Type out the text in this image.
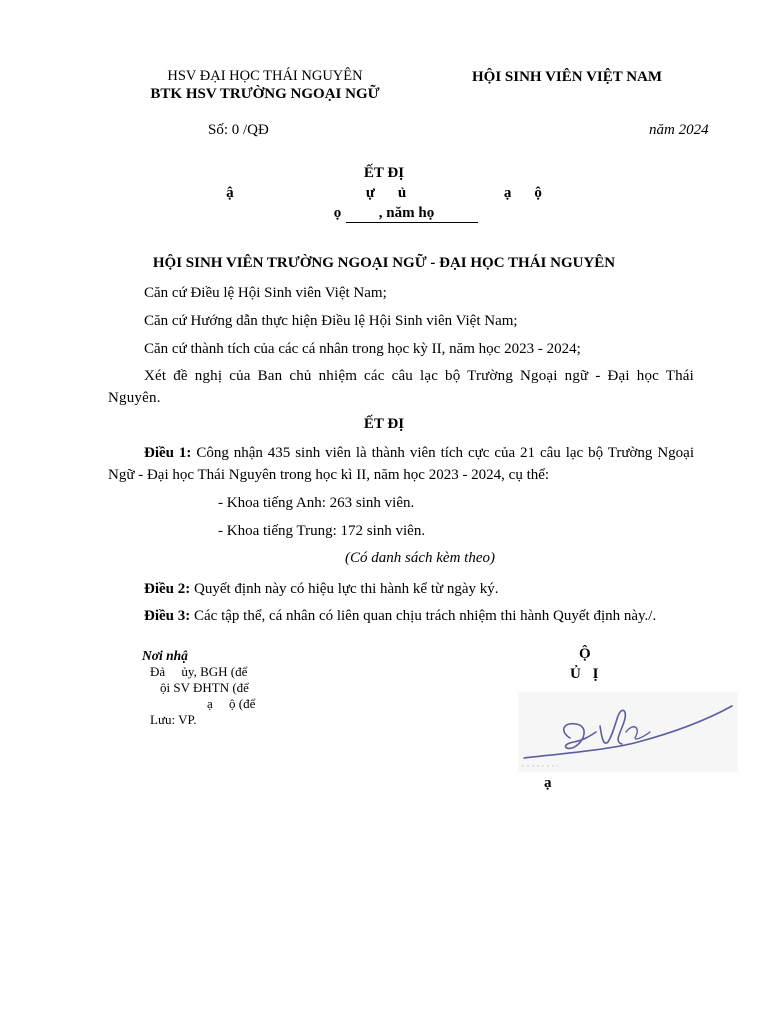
HSV ĐẠI HỌC THÁI NGUYÊN
BTK HSV TRƯỜNG NGOẠI NGỮ
HỘI SINH VIÊN VIỆT NAM
Số: 0 /QĐ	năm 2024
ẾT ĐỊ
ậ                       ự    ủ                 ạ    ộ
ọ          , năm họ
HỘI SINH VIÊN TRƯỜNG NGOẠI NGỮ - ĐẠI HỌC THÁI NGUYÊN
Căn cứ Điều lệ Hội Sinh viên Việt Nam;
Căn cứ Hướng dẫn thực hiện Điều lệ Hội Sinh viên Việt Nam;
Căn cứ thành tích của các cá nhân trong học kỳ II, năm học 2023 - 2024;
Xét đề nghị của Ban chủ nhiệm các câu lạc bộ Trường Ngoại ngữ - Đại học Thái Nguyên.
ẾT ĐỊ
Điều 1: Công nhận 435 sinh viên là thành viên tích cực của 21 câu lạc bộ Trường Ngoại Ngữ - Đại học Thái Nguyên trong học kì II, năm học 2023 - 2024, cụ thể:
- Khoa tiếng Anh: 263 sinh viên.
- Khoa tiếng Trung: 172 sinh viên.
(Có danh sách kèm theo)
Điều 2: Quyết định này có hiệu lực thi hành kể từ ngày ký.
Điều 3: Các tập thể, cá nhân có liên quan chịu trách nhiệm thi hành Quyết định này./.
Nơi nhậ
Đả     ủy, BGH (để
ội SV ĐHTN (để
ạ     ộ (để
Lưu: VP.
Ộ
Ủ Ị
ạ
